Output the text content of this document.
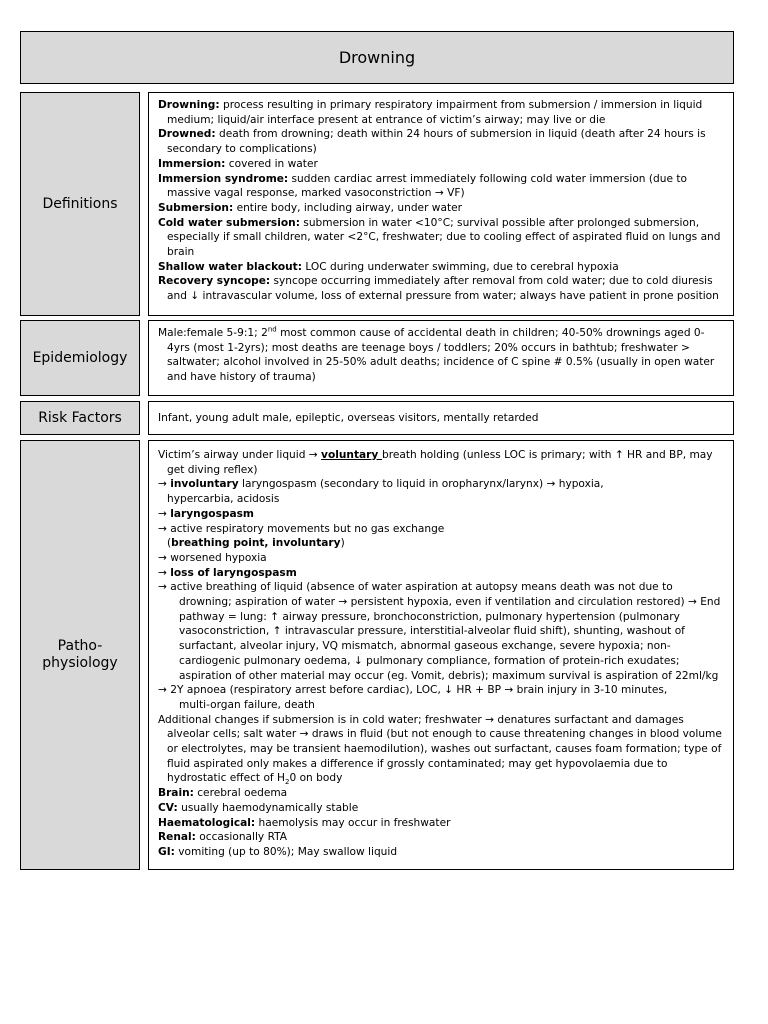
Drowning
Definitions

Drowning: process resulting in primary respiratory impairment from submersion / immersion in liquid medium; liquid/air interface present at entrance of victim’s airway; may live or die

Drowned: death from drowning; death within 24 hours of submersion in liquid (death after 24 hours is secondary to complications)

Immersion: covered in water

Immersion syndrome: sudden cardiac arrest immediately following cold water immersion (due to massive vagal response, marked vasoconstriction → VF)

Submersion: entire body, including airway, under water

Cold water submersion: submersion in water <10°C; survival possible after prolonged submersion, especially if small children, water <2°C, freshwater; due to cooling effect of aspirated fluid on lungs and brain

Shallow water blackout: LOC during underwater swimming, due to cerebral hypoxia

Recovery syncope: syncope occurring immediately after removal from cold water; due to cold diuresis and ↓ intravascular volume, loss of external pressure from water; always have patient in prone position

Epidemiology

Male:female 5-9:1; 2nd most common cause of accidental death in children; 40-50% drownings aged 0-4yrs (most 1-2yrs); most deaths are teenage boys / toddlers; 20% occurs in bathtub; freshwater > saltwater; alcohol involved in 25-50% adult deaths; incidence of C spine # 0.5% (usually in open water and have history of trauma)

Risk Factors	Infant, young adult male, epileptic, overseas visitors, mentally retarded

Patho-physiology

Victim’s airway under liquid → voluntary breath holding (unless LOC is primary; with ↑ HR and BP, may get diving reflex)

→ involuntary laryngospasm (secondary to liquid in oropharynx/larynx) → hypoxia, hypercarbia, acidosis

→ laryngospasm

→ active respiratory movements but no gas exchange (breathing point, involuntary)

→ worsened hypoxia

→ loss of laryngospasm

→ active breathing of liquid (absence of water aspiration at autopsy means death was not due to drowning; aspiration of water → persistent hypoxia, even if ventilation and circulation restored) → End pathway = lung: ↑ airway pressure, bronchoconstriction, pulmonary hypertension (pulmonary vasoconstriction, ↑ intravascular pressure, interstitial-alveolar fluid shift), shunting, washout of surfactant, alveolar injury, VQ mismatch, abnormal gaseous exchange, severe hypoxia; non-cardiogenic pulmonary oedema, ↓ pulmonary compliance, formation of protein-rich exudates; aspiration of other material may occur (eg. Vomit, debris); maximum survival is aspiration of 22ml/kg

→ 2Y apnoea (respiratory arrest before cardiac), LOC, ↓ HR + BP → brain injury in 3-10 minutes, multi-organ failure, death

Additional changes if submersion is in cold water; freshwater → denatures surfactant and damages alveolar cells; salt water → draws in fluid (but not enough to cause threatening changes in blood volume or electrolytes, may be transient haemodilution), washes out surfactant, causes foam formation; type of fluid aspirated only makes a difference if grossly contaminated; may get hypovolaemia due to hydrostatic effect of $H_20$ on body

Brain: cerebral oedema

CV: usually haemodynamically stable

Haematological: haemolysis may occur in freshwater

Renal: occasionally RTA

GI: vomiting (up to 80%); May swallow liquid
